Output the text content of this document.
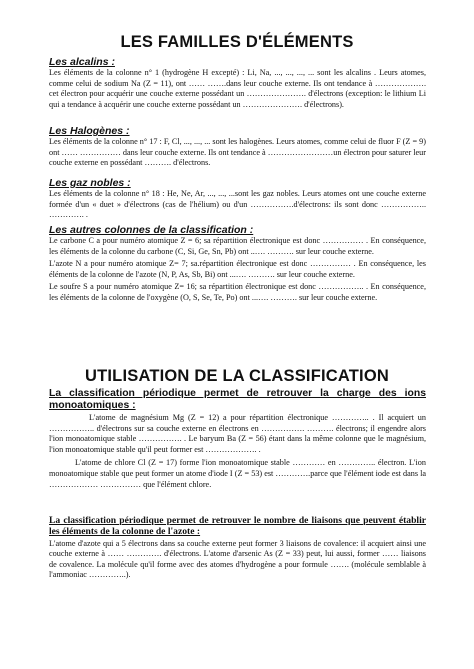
LES FAMILLES D'ÉLÉMENTS
Les alcalins :

Les éléments de la colonne n° 1 (hydrogène H excepté) : Li, Na, ..., ..., ..., ... sont les alcalins . Leurs atomes, comme celui de sodium Na (Z = 11), ont …… …….dans leur couche externe. Ils ont tendance à ………………. cet électron pour acquérir une couche externe possédant un …………………. d'électrons (exception: le lithium Li qui a tendance à acquérir une couche externe possédant un …………………. d'électrons).

Les Halogènes :

Les éléments de la colonne n° 17 : F, Cl, ..., ..., ... sont les halogènes. Leurs atomes, comme celui de fluor F (Z = 9) ont …… …………… dans leur couche externe. Ils ont tendance à ……………………un électron pour saturer leur couche externe en possédant ………. d'électrons.

Les gaz nobles :

Les éléments de la colonne n° 18 : He, Ne, Ar, ..., ..., ...sont les gaz nobles. Leurs atomes ont une couche externe formée d'un « duet » d'électrons (cas de l'hélium) ou d'un …………….d'électrons: ils sont donc …………….. …………. .

Les autres colonnes de la classification :

Le carbone C a pour numéro atomique Z = 6; sa répartition électronique est donc …………… . En conséquence, les éléments de la colonne du carbone (C, Si, Ge, Sn, Pb) ont ..…. ………. sur leur couche externe.

L'azote N a pour numéro atomique Z= 7; sa.répartition électronique est donc …………… . En conséquence, les éléments de la colonne de l'azote (N, P, As, Sb, Bi) ont ...…. ………. sur leur couche externe.

Le soufre S a pour numéro atomique Z= 16; sa répartition électronique est donc …………….. . En conséquence, les éléments de la colonne de l'oxygène (O, S, Se, Te, Po) ont ...…. ………. sur leur couche externe.

UTILISATION DE LA CLASSIFICATION

La classification périodique permet de retrouver la charge des ions monoatomiques :

L'atome de magnésium Mg (Z = 12) a pour répartition électronique ………….. . Il acquiert un …………….. d'électrons sur sa couche externe en électrons en ……………. ………. électrons; il engendre alors l'ion monoatomique stable ……………. . Le baryum Ba (Z = 56) étant dans la même colonne que le magnésium, l'ion monoatomique stable qu'il peut former est ………………. .

L'atome de chlore Cl (Z = 17) forme l'ion monoatomique stable ………… en ………….. électron. L'ion monoatomique stable que peut former un atome d'iode I (Z = 53) est ………….parce que l'élément iode est dans la ……………… …………… que l'élément chlore.

La classification périodique permet de retrouver le nombre de liaisons que peuvent établir les éléments de la colonne de l'azote :

L'atome d'azote qui a 5 électrons dans sa couche externe peut former 3 liaisons de covalence: il acquiert ainsi une couche externe à …… …………. d'électrons. L'atome d'arsenic As (Z = 33) peut, lui aussi, former …… liaisons de covalence. La molécule qu'il forme avec des atomes d'hydrogène a pour formule ……. (molécule semblable à l'ammoniac …………..).
